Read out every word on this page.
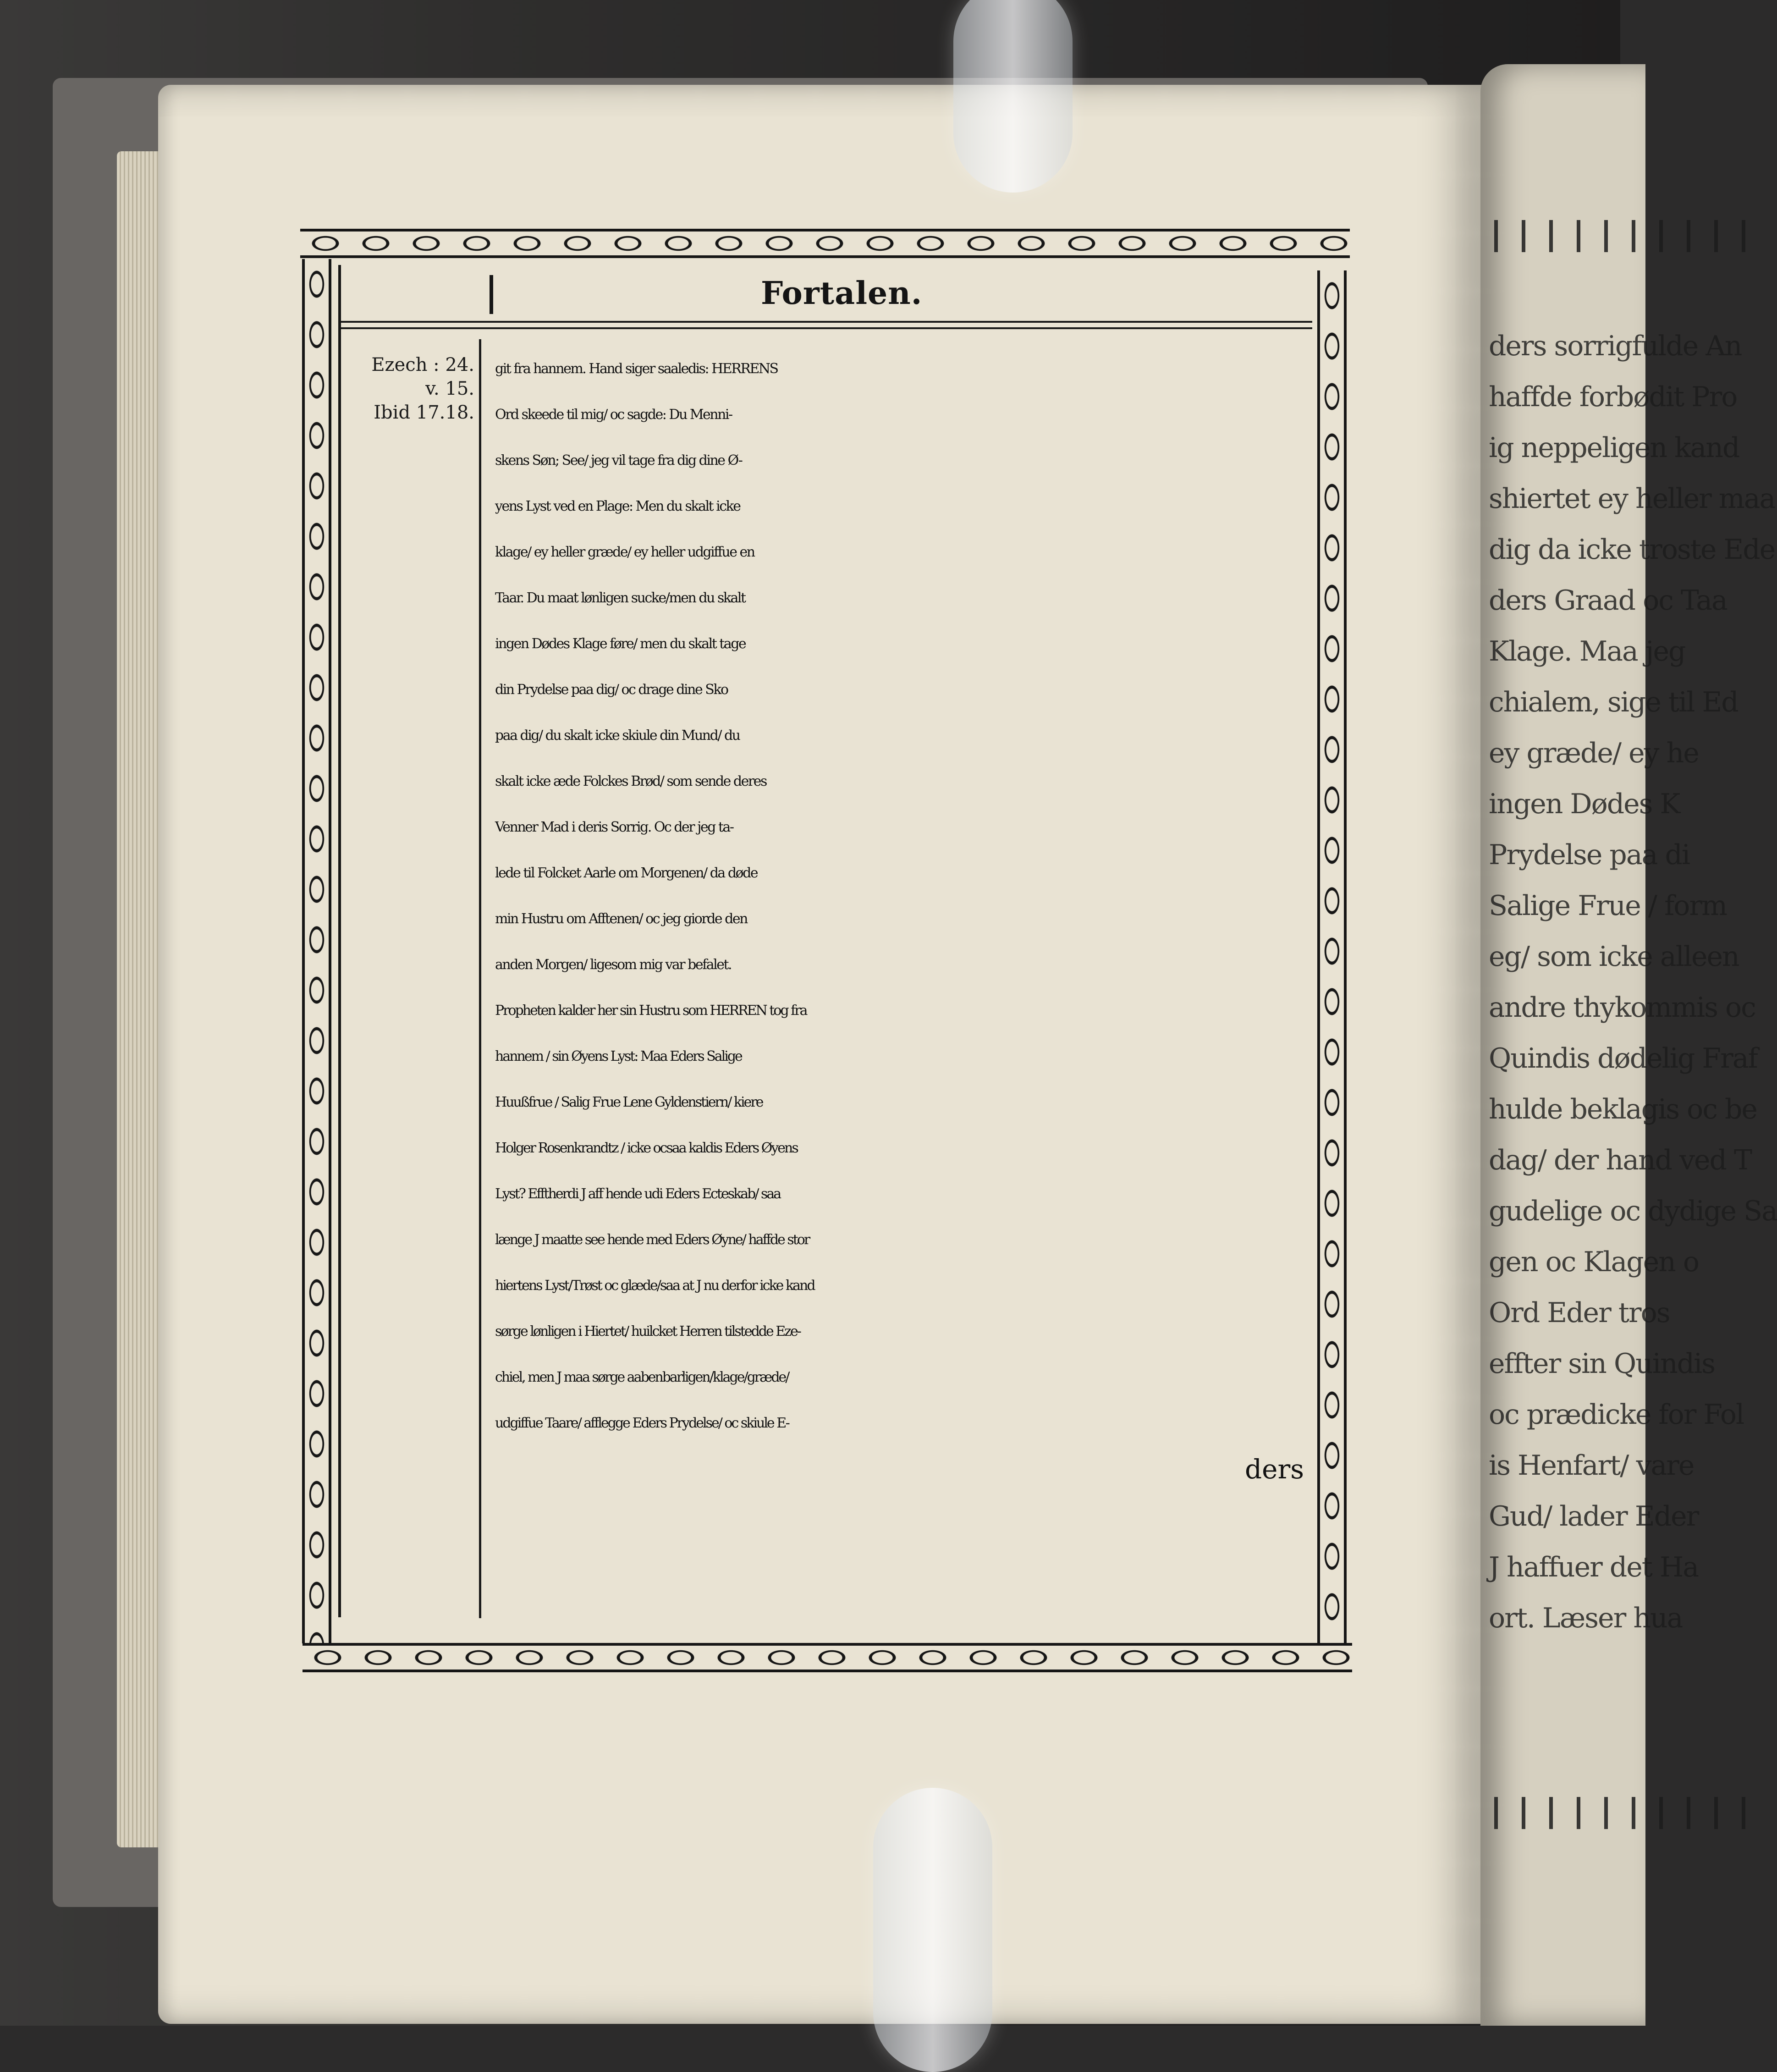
ders sorrigfulde An
haffde forbødit Pro
ig neppeligen kand
shiertet ey heller maa
dig da icke troste Ede
ders Graad oc Taa
Klage. Maa jeg
chialem, sige til Ed
ey græde/ ey he
ingen Dødes K
Prydelse paa di
Salige Frue / form
eg/ som icke alleen
andre thykommis oc
Quindis dødelig Fraf
hulde beklagis oc be
dag/ der hand ved T
gudelige oc dydige Sa
gen oc Klagen o
Ord Eder tros
effter sin Quindis
oc prædicke for Fol
is Henfart/ vare
Gud/ lader Eder
J haffuer det Ha
ort. Læser hua
Fortalen.
Ezech : 24.
v. 15.
Ibid 17.18.
git fra hannem. Hand siger saaledis: HERRENS
Ord skeede til mig/ oc sagde: Du Menni-
skens Søn; See/ jeg vil tage fra dig dine Ø-
yens Lyst ved en Plage: Men du skalt icke
klage/ ey heller græde/ ey heller udgiffue en
Taar. Du maat lønligen sucke/men du skalt
ingen Dødes Klage føre/ men du skalt tage
din Prydelse paa dig/ oc drage dine Sko
paa dig/ du skalt icke skiule din Mund/ du
skalt icke æde Folckes Brød/ som sende deres
Venner Mad i deris Sorrig. Oc der jeg ta-
lede til Folcket Aarle om Morgenen/ da døde
min Hustru om Afftenen/ oc jeg giorde den
anden Morgen/ ligesom mig var befalet.
Propheten kalder her sin Hustru som HERREN tog fra
hannem / sin Øyens Lyst: Maa Eders Salige
Huußfrue / Salig Frue Lene Gyldenstiern/ kiere
Holger Rosenkrandtz / icke ocsaa kaldis Eders Øyens
Lyst? Efftherdi J aff hende udi Eders Ecteskab/ saa
længe J maatte see hende med Eders Øyne/ haffde stor
hiertens Lyst/Trøst oc glæde/saa at J nu derfor icke kand
sørge lønligen i Hiertet/ huilcket Herren tilstedde Eze-
chiel, men J maa sørge aabenbarligen/klage/græde/
udgiffue Taare/ afflegge Eders Prydelse/ oc skiule E-
ders
